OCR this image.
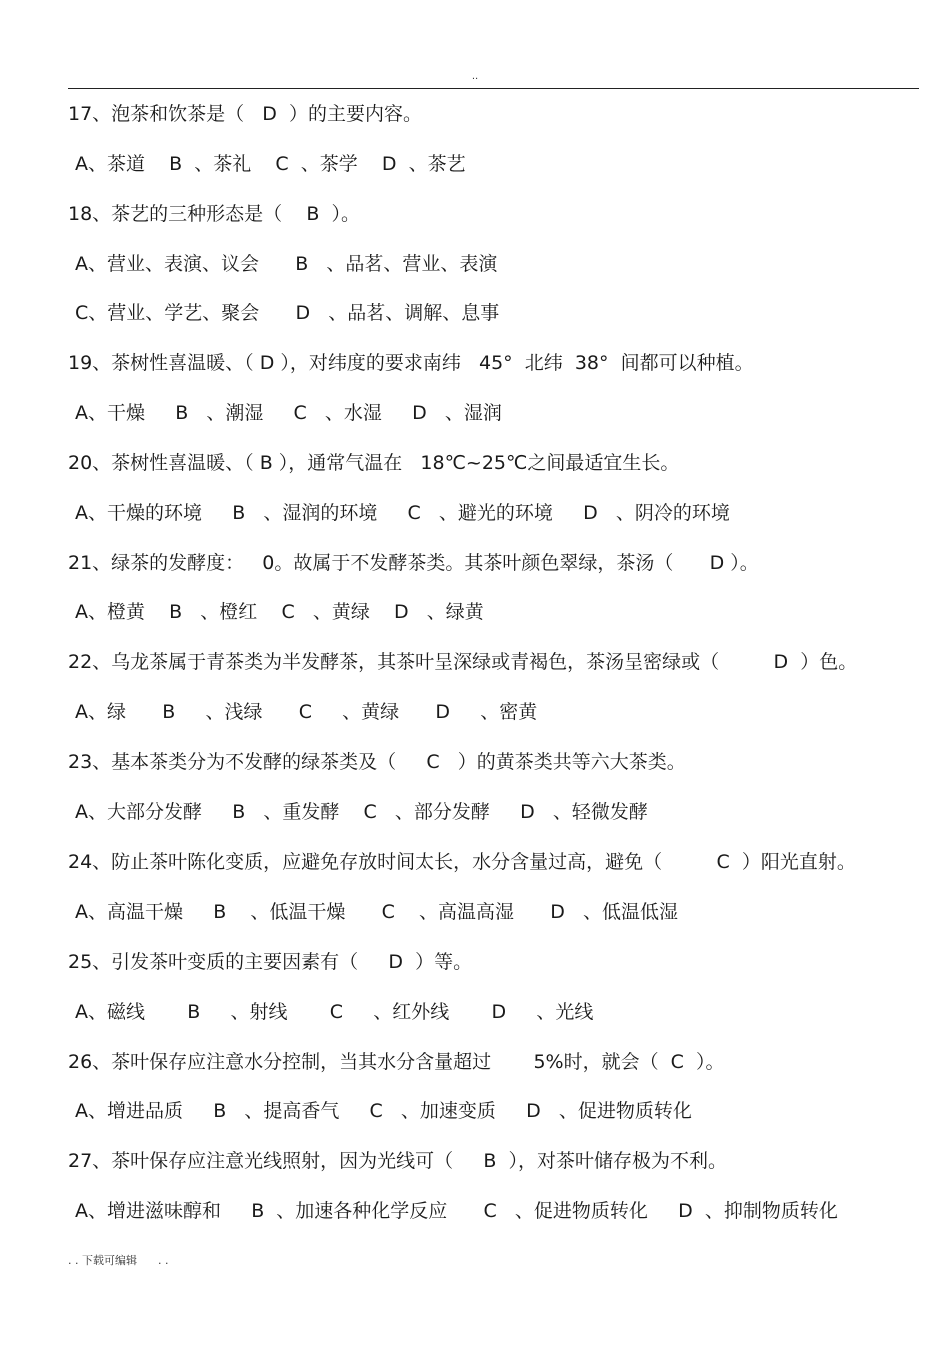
..
17、泡茶和饮茶是（   D  ）的主要内容。
A、茶道    B  、茶礼    C  、茶学    D  、茶艺
18、茶艺的三种形态是（    B  ）。
A、营业、表演、议会      B   、品茗、营业、表演
C、营业、学艺、聚会      D   、品茗、调解、息事
19、茶树性喜温暖、（ D ），对纬度的要求南纬   45°  北纬  38°  间都可以种植。
A、干燥     B   、潮湿     C   、水湿     D   、湿润
20、茶树性喜温暖、（ B ），通常气温在   18℃~25℃之间最适宜生长。
A、干燥的环境     B   、湿润的环境     C   、避光的环境     D   、阴冷的环境
21、绿茶的发酵度：   0。故属于不发酵茶类。其茶叶颜色翠绿，茶汤（      D ）。
A、橙黄    B   、橙红    C   、黄绿    D   、绿黄
22、乌龙茶属于青茶类为半发酵茶，其茶叶呈深绿或青褐色，茶汤呈密绿或（         D  ）色。
A、绿      B     、浅绿      C     、黄绿      D     、密黄
23、基本茶类分为不发酵的绿茶类及（     C   ）的黄茶类共等六大茶类。
A、大部分发酵     B   、重发酵    C   、部分发酵     D   、轻微发酵
24、防止茶叶陈化变质，应避免存放时间太长，水分含量过高，避免（         C  ）阳光直射。
A、高温干燥     B    、低温干燥      C    、高温高湿      D   、低温低湿
25、引发茶叶变质的主要因素有（     D  ）等。
A、磁线       B     、射线       C     、红外线       D     、光线
26、茶叶保存应注意水分控制，当其水分含量超过       5%时，就会（  C  ）。
A、增进品质     B   、提高香气     C   、加速变质     D   、促进物质转化
27、茶叶保存应注意光线照射，因为光线可（     B  ），对茶叶储存极为不利。
A、增进滋味醇和     B  、加速各种化学反应      C   、促进物质转化     D  、抑制物质转化
. . 下载可编辑      . .
